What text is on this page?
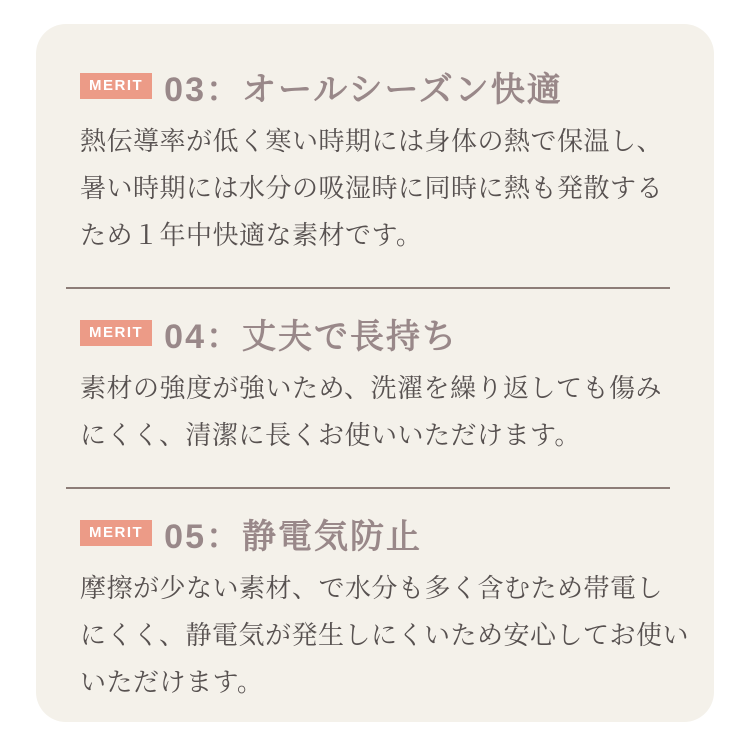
MERIT 03：オールシーズン快適
熱伝導率が低く寒い時期には身体の熱で保温し、
暑い時期には水分の吸湿時に同時に熱も発散する
ため１年中快適な素材です。
MERIT 04：丈夫で長持ち
素材の強度が強いため、洗濯を繰り返しても傷み
にくく、清潔に長くお使いいただけます。
MERIT 05：静電気防止
摩擦が少ない素材、で水分も多く含むため帯電し
にくく、静電気が発生しにくいため安心してお使い
いただけます。
